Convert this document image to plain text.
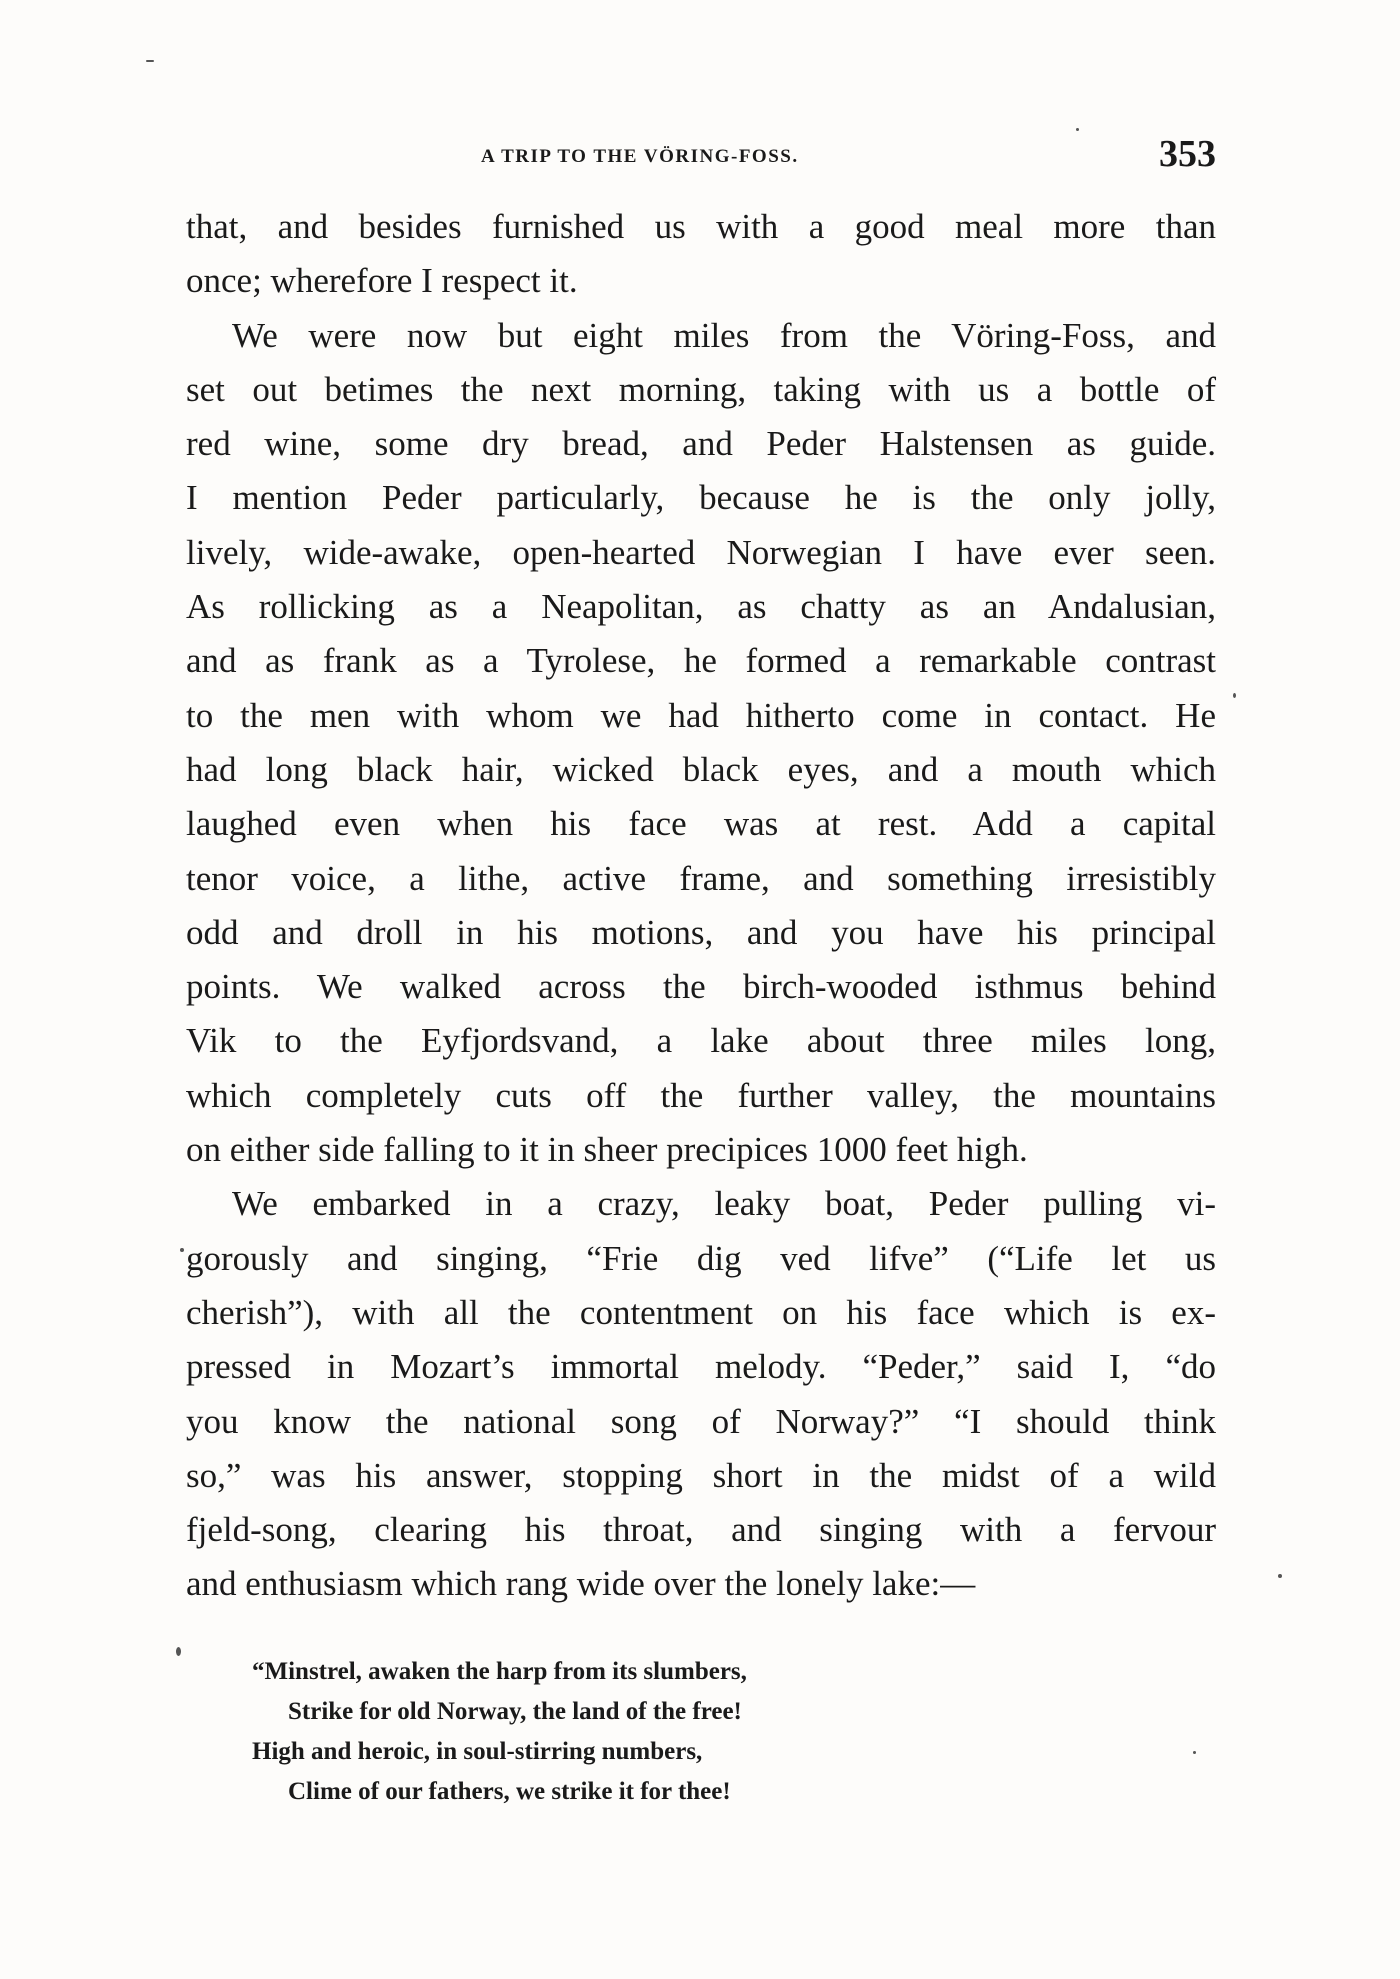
A TRIP TO THE VÖRING-FOSS.	353
that, and besides furnished us with a good meal more than
once; wherefore I respect it.
We were now but eight miles from the Vöring-Foss, and
set out betimes the next morning, taking with us a bottle of
red wine, some dry bread, and Peder Halstensen as guide.
I mention Peder particularly, because he is the only jolly,
lively, wide-awake, open-hearted Norwegian I have ever seen.
As rollicking as a Neapolitan, as chatty as an Andalusian,
and as frank as a Tyrolese, he formed a remarkable contrast
to the men with whom we had hitherto come in contact. He
had long black hair, wicked black eyes, and a mouth which
laughed even when his face was at rest. Add a capital
tenor voice, a lithe, active frame, and something irresistibly
odd and droll in his motions, and you have his principal
points. We walked across the birch-wooded isthmus behind
Vik to the Eyfjordsvand, a lake about three miles long,
which completely cuts off the further valley, the mountains
on either side falling to it in sheer precipices 1000 feet high.
We embarked in a crazy, leaky boat, Peder pulling vi-
gorously and singing, “Frie dig ved lifve” (“Life let us
cherish”), with all the contentment on his face which is ex-
pressed in Mozart’s immortal melody. “Peder,” said I, “do
you know the national song of Norway?” “I should think
so,” was his answer, stopping short in the midst of a wild
fjeld-song, clearing his throat, and singing with a fervour
and enthusiasm which rang wide over the lonely lake:—
“Minstrel, awaken the harp from its slumbers,
Strike for old Norway, the land of the free!
High and heroic, in soul-stirring numbers,
Clime of our fathers, we strike it for thee!
